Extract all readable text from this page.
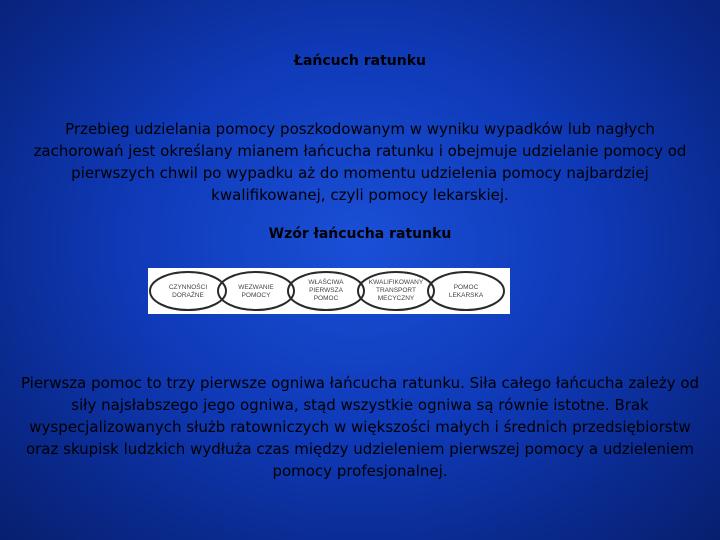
Łańcuch ratunku
Przebieg udzielania pomocy poszkodowanym w wyniku wypadków lub nagłych zachorowań jest określany mianem łańcucha ratunku i obejmuje udzielanie pomocy od pierwszych chwil po wypadku aż do momentu udzielenia pomocy najbardziej kwalifikowanej, czyli pomocy lekarskiej.
Wzór łańcucha ratunku
CZYNNOŚCI
DORAŹNE
WEZWANIE
POMOCY
WŁAŚCIWA
PIERWSZA
POMOC
KWALIFIKOWANY
TRANSPORT
MECYCZNY
POMOC
LEKARSKA
Pierwsza pomoc to trzy pierwsze ogniwa łańcucha ratunku. Siła całego łańcucha zależy od siły najsłabszego jego ogniwa, stąd wszystkie ogniwa są równie istotne. Brak wyspecjalizowanych służb ratowniczych w większości małych i średnich przedsiębiorstw oraz skupisk ludzkich wydłuża czas między udzieleniem pierwszej pomocy a udzieleniem pomocy profesjonalnej.
